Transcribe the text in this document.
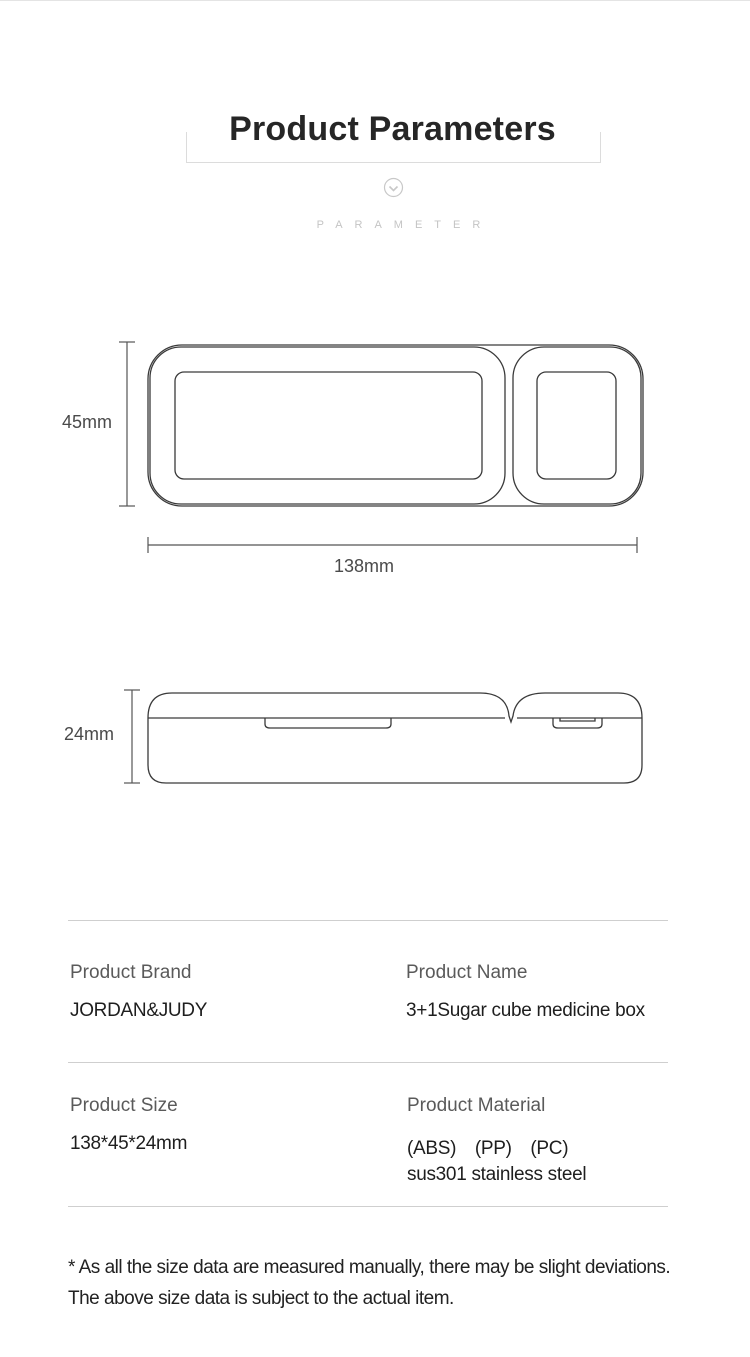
Product Parameters
PARAMETER
45mm
138mm
24mm
Product Brand
JORDAN&JUDY
Product Name
3+1Sugar cube medicine box
Product Size
138*45*24mm
Product Material
(ABS)　(PP)　(PC)
sus301 stainless steel
* As all the size data are measured manually, there may be slight deviations.
The above size data is subject to the actual item.
